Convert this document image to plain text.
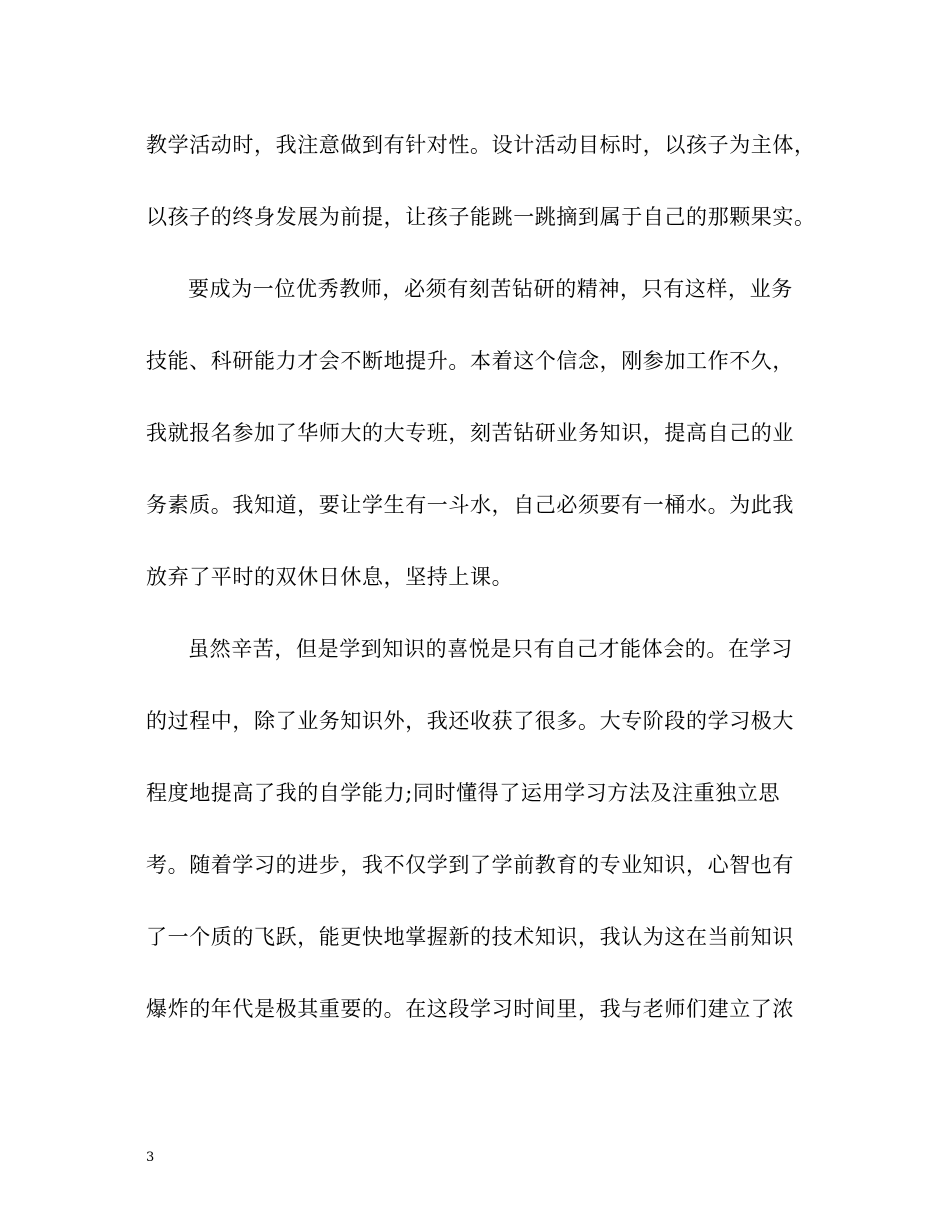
教学活动时，我注意做到有针对性。设计活动目标时，以孩子为主体，
以孩子的终身发展为前提，让孩子能跳一跳摘到属于自己的那颗果实。
要成为一位优秀教师，必须有刻苦钻研的精神，只有这样，业务
技能、科研能力才会不断地提升。本着这个信念，刚参加工作不久，
我就报名参加了华师大的大专班，刻苦钻研业务知识，提高自己的业
务素质。我知道，要让学生有一斗水，自己必须要有一桶水。为此我
放弃了平时的双休日休息，坚持上课。
虽然辛苦，但是学到知识的喜悦是只有自己才能体会的。在学习
的过程中，除了业务知识外，我还收获了很多。大专阶段的学习极大
程度地提高了我的自学能力;同时懂得了运用学习方法及注重独立思
考。随着学习的进步，我不仅学到了学前教育的专业知识，心智也有
了一个质的飞跃，能更快地掌握新的技术知识，我认为这在当前知识
爆炸的年代是极其重要的。在这段学习时间里，我与老师们建立了浓
3
